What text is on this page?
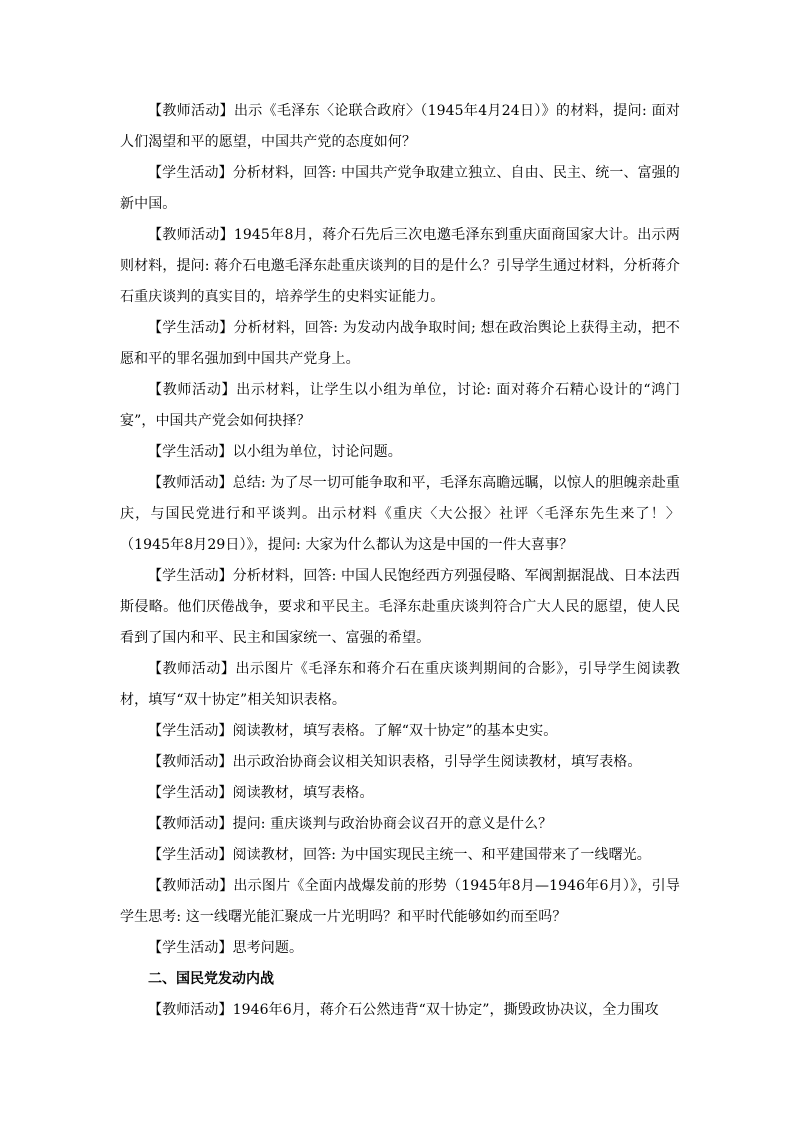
【教师活动】出示《毛泽东〈论联合政府〉（1945年4月24日）》的材料，提问: 面对人们渴望和平的愿望，中国共产党的态度如何？

【学生活动】分析材料，回答: 中国共产党争取建立独立、自由、民主、统一、富强的新中国。

【教师活动】1945年8月，蒋介石先后三次电邀毛泽东到重庆面商国家大计。出示两则材料，提问: 蒋介石电邀毛泽东赴重庆谈判的目的是什么？引导学生通过材料，分析蒋介石重庆谈判的真实目的，培养学生的史料实证能力。

【学生活动】分析材料，回答: 为发动内战争取时间; 想在政治舆论上获得主动，把不愿和平的罪名强加到中国共产党身上。

【教师活动】出示材料，让学生以小组为单位，讨论: 面对蒋介石精心设计的“鸿门宴”，中国共产党会如何抉择？

【学生活动】以小组为单位，讨论问题。

【教师活动】总结: 为了尽一切可能争取和平，毛泽东高瞻远瞩，以惊人的胆魄亲赴重庆，与国民党进行和平谈判。出示材料《重庆〈大公报〉社评〈毛泽东先生来了！〉（1945年8月29日）》，提问: 大家为什么都认为这是中国的一件大喜事？

【学生活动】分析材料，回答: 中国人民饱经西方列强侵略、军阀割据混战、日本法西斯侵略。他们厌倦战争，要求和平民主。毛泽东赴重庆谈判符合广大人民的愿望，使人民看到了国内和平、民主和国家统一、富强的希望。

【教师活动】出示图片《毛泽东和蒋介石在重庆谈判期间的合影》，引导学生阅读教材，填写“双十协定”相关知识表格。

【学生活动】阅读教材，填写表格。了解“双十协定”的基本史实。

【教师活动】出示政治协商会议相关知识表格，引导学生阅读教材，填写表格。

【学生活动】阅读教材，填写表格。

【教师活动】提问: 重庆谈判与政治协商会议召开的意义是什么？

【学生活动】阅读教材，回答: 为中国实现民主统一、和平建国带来了一线曙光。

【教师活动】出示图片《全面内战爆发前的形势（1945年8月—1946年6月）》，引导学生思考: 这一线曙光能汇聚成一片光明吗？和平时代能够如约而至吗？

【学生活动】思考问题。

二、国民党发动内战

【教师活动】1946年6月，蒋介石公然违背“双十协定”，撕毁政协决议，全力围攻
